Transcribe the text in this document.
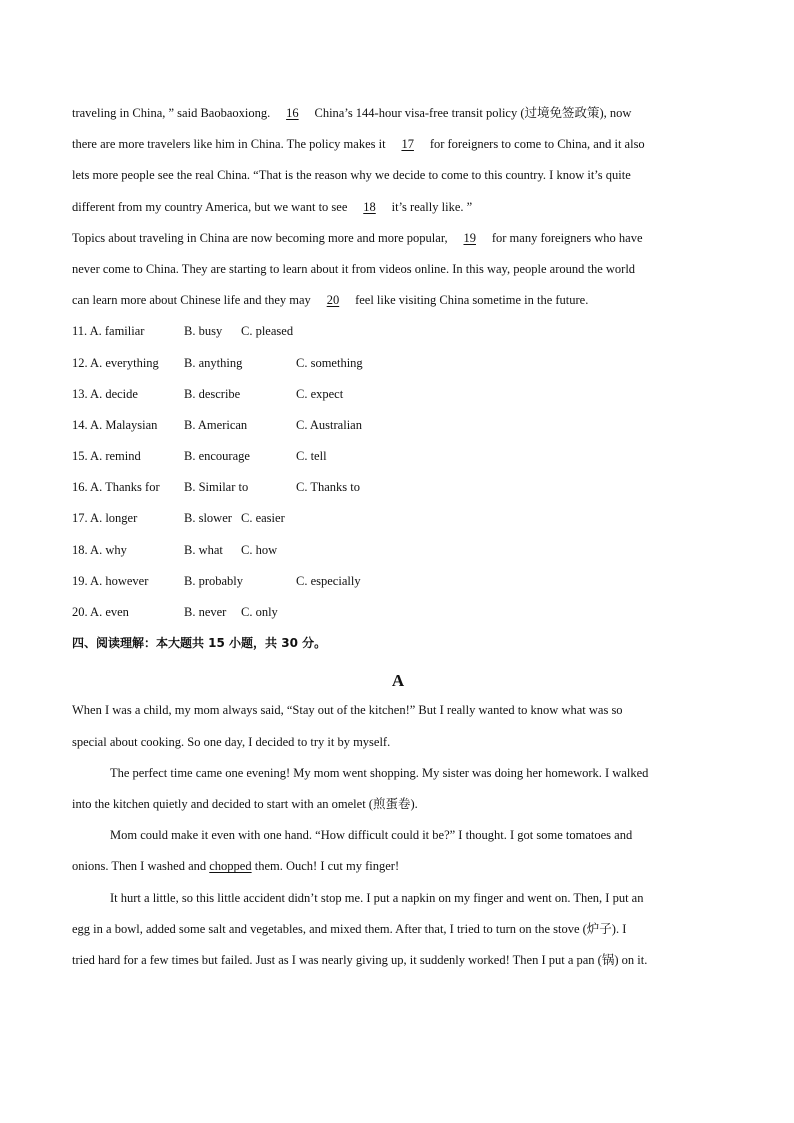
traveling in China, ” said Baobaoxiong. 16 China’s 144-hour visa-free transit policy (过境免签政策), now
there are more travelers like him in China. The policy makes it 17 for foreigners to come to China, and it also
lets more people see the real China. “That is the reason why we decide to come to this country. I know it’s quite
different from my country America, but we want to see 18 it’s really like. ”
Topics about traveling in China are now becoming more and more popular, 19 for many foreigners who have
never come to China. They are starting to learn about it from videos online. In this way, people around the world
can learn more about Chinese life and they may 20 feel like visiting China sometime in the future.
11. A. familiar	B. busy C. pleased
12. A. everything B. anything	C. something
13. A. decide	B. describe	C. expect
14. A. Malaysian B. American	C. Australian
15. A. remind	B. encourage	C. tell
16. A. Thanks for B. Similar to	C. Thanks to
17. A. longer	B. slower C. easier
18. A. why	B. what C. how
19. A. however	B. probably	C. especially
20. A. even	B. never C. only
四、阅读理解：本大题共 15 小题，共 30 分。
A
When I was a child, my mom always said, “Stay out of the kitchen!” But I really wanted to know what was so
special about cooking. So one day, I decided to try it by myself.
The perfect time came one evening! My mom went shopping. My sister was doing her homework. I walked
into the kitchen quietly and decided to start with an omelet (煎蛋卷).
Mom could make it even with one hand. “How difficult could it be?” I thought. I got some tomatoes and
onions. Then I washed and chopped them. Ouch! I cut my finger!
It hurt a little, so this little accident didn’t stop me. I put a napkin on my finger and went on. Then, I put an
egg in a bowl, added some salt and vegetables, and mixed them. After that, I tried to turn on the stove (炉子). I
tried hard for a few times but failed. Just as I was nearly giving up, it suddenly worked! Then I put a pan (锅) on it.
